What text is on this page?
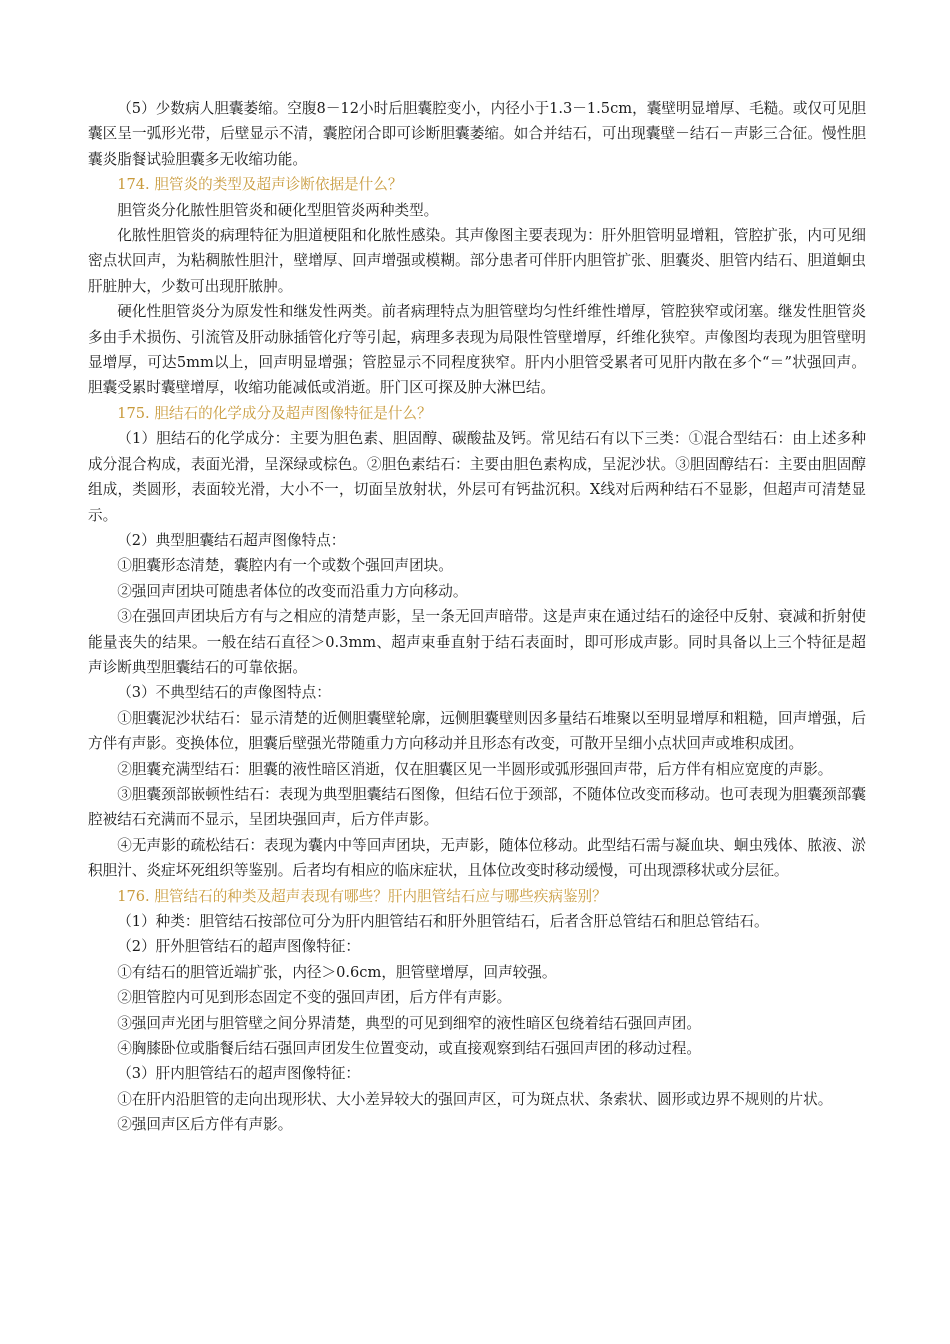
（5）少数病人胆囊萎缩。空腹8－12小时后胆囊腔变小，内径小于1.3－1.5cm，囊壁明显增厚、毛糙。或仅可见胆囊区呈一弧形光带，后壁显示不清，囊腔闭合即可诊断胆囊萎缩。如合并结石，可出现囊壁－结石－声影三合征。慢性胆囊炎脂餐试验胆囊多无收缩功能。

174. 胆管炎的类型及超声诊断依据是什么？

胆管炎分化脓性胆管炎和硬化型胆管炎两种类型。

化脓性胆管炎的病理特征为胆道梗阻和化脓性感染。其声像图主要表现为：肝外胆管明显增粗，管腔扩张，内可见细密点状回声，为粘稠脓性胆汁，壁增厚、回声增强或模糊。部分患者可伴肝内胆管扩张、胆囊炎、胆管内结石、胆道蛔虫肝脏肿大，少数可出现肝脓肿。

硬化性胆管炎分为原发性和继发性两类。前者病理特点为胆管壁均匀性纤维性增厚，管腔狭窄或闭塞。继发性胆管炎多由手术损伤、引流管及肝动脉插管化疗等引起，病理多表现为局限性管壁增厚，纤维化狭窄。声像图均表现为胆管壁明显增厚，可达5mm以上，回声明显增强；管腔显示不同程度狭窄。肝内小胆管受累者可见肝内散在多个“＝”状强回声。胆囊受累时囊壁增厚，收缩功能减低或消逝。肝门区可探及肿大淋巴结。

175. 胆结石的化学成分及超声图像特征是什么？

（1）胆结石的化学成分：主要为胆色素、胆固醇、碳酸盐及钙。常见结石有以下三类：①混合型结石：由上述多种成分混合构成，表面光滑，呈深绿或棕色。②胆色素结石：主要由胆色素构成，呈泥沙状。③胆固醇结石：主要由胆固醇组成，类圆形，表面较光滑，大小不一，切面呈放射状，外层可有钙盐沉积。X线对后两种结石不显影，但超声可清楚显示。

（2）典型胆囊结石超声图像特点：

①胆囊形态清楚，囊腔内有一个或数个强回声团块。

②强回声团块可随患者体位的改变而沿重力方向移动。

③在强回声团块后方有与之相应的清楚声影，呈一条无回声暗带。这是声束在通过结石的途径中反射、衰减和折射使能量丧失的结果。一般在结石直径＞0.3mm、超声束垂直射于结石表面时，即可形成声影。同时具备以上三个特征是超声诊断典型胆囊结石的可靠依据。

（3）不典型结石的声像图特点：

①胆囊泥沙状结石：显示清楚的近侧胆囊壁轮廓，远侧胆囊壁则因多量结石堆聚以至明显增厚和粗糙，回声增强，后方伴有声影。变换体位，胆囊后壁强光带随重力方向移动并且形态有改变，可散开呈细小点状回声或堆积成团。

②胆囊充满型结石：胆囊的液性暗区消逝，仅在胆囊区见一半圆形或弧形强回声带，后方伴有相应宽度的声影。

③胆囊颈部嵌顿性结石：表现为典型胆囊结石图像，但结石位于颈部，不随体位改变而移动。也可表现为胆囊颈部囊腔被结石充满而不显示，呈团块强回声，后方伴声影。

④无声影的疏松结石：表现为囊内中等回声团块，无声影，随体位移动。此型结石需与凝血块、蛔虫残体、脓液、淤积胆汁、炎症坏死组织等鉴别。后者均有相应的临床症状，且体位改变时移动缓慢，可出现漂移状或分层征。

176. 胆管结石的种类及超声表现有哪些？肝内胆管结石应与哪些疾病鉴别？

（1）种类：胆管结石按部位可分为肝内胆管结石和肝外胆管结石，后者含肝总管结石和胆总管结石。

（2）肝外胆管结石的超声图像特征：

①有结石的胆管近端扩张，内径＞0.6cm，胆管壁增厚，回声较强。

②胆管腔内可见到形态固定不变的强回声团，后方伴有声影。

③强回声光团与胆管壁之间分界清楚，典型的可见到细窄的液性暗区包绕着结石强回声团。

④胸膝卧位或脂餐后结石强回声团发生位置变动，或直接观察到结石强回声团的移动过程。

（3）肝内胆管结石的超声图像特征：

①在肝内沿胆管的走向出现形状、大小差异较大的强回声区，可为斑点状、条索状、圆形或边界不规则的片状。

②强回声区后方伴有声影。
